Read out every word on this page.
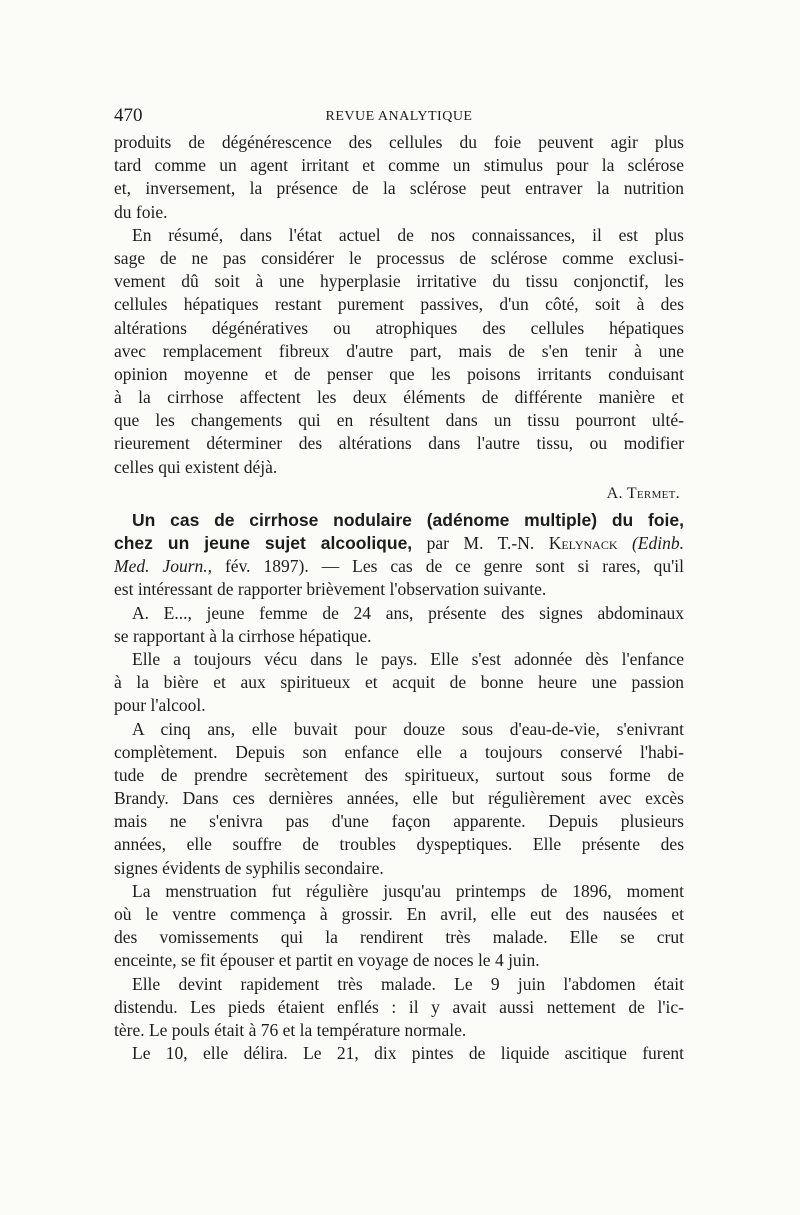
470	REVUE ANALYTIQUE
produits de dégénérescence des cellules du foie peuvent agir plus
tard comme un agent irritant et comme un stimulus pour la sclérose
et, inversement, la présence de la sclérose peut entraver la nutrition
du foie.
En résumé, dans l'état actuel de nos connaissances, il est plus
sage de ne pas considérer le processus de sclérose comme exclusi-
vement dû soit à une hyperplasie irritative du tissu conjonctif, les
cellules hépatiques restant purement passives, d'un côté, soit à des
altérations dégénératives ou atrophiques des cellules hépatiques
avec remplacement fibreux d'autre part, mais de s'en tenir à une
opinion moyenne et de penser que les poisons irritants conduisant
à la cirrhose affectent les deux éléments de différente manière et
que les changements qui en résultent dans un tissu pourront ulté-
rieurement déterminer des altérations dans l'autre tissu, ou modifier
celles qui existent déjà.
A. Termet.
Un cas de cirrhose nodulaire (adénome multiple) du foie,
chez un jeune sujet alcoolique, par M. T.-N. Kelynack (Edinb.
Med. Journ., fév. 1897). — Les cas de ce genre sont si rares, qu'il
est intéressant de rapporter brièvement l'observation suivante.
A. E..., jeune femme de 24 ans, présente des signes abdominaux
se rapportant à la cirrhose hépatique.
Elle a toujours vécu dans le pays. Elle s'est adonnée dès l'enfance
à la bière et aux spiritueux et acquit de bonne heure une passion
pour l'alcool.
A cinq ans, elle buvait pour douze sous d'eau-de-vie, s'enivrant
complètement. Depuis son enfance elle a toujours conservé l'habi-
tude de prendre secrètement des spiritueux, surtout sous forme de
Brandy. Dans ces dernières années, elle but régulièrement avec excès
mais ne s'enivra pas d'une façon apparente. Depuis plusieurs
années, elle souffre de troubles dyspeptiques. Elle présente des
signes évidents de syphilis secondaire.
La menstruation fut régulière jusqu'au printemps de 1896, moment
où le ventre commença à grossir. En avril, elle eut des nausées et
des vomissements qui la rendirent très malade. Elle se crut
enceinte, se fit épouser et partit en voyage de noces le 4 juin.
Elle devint rapidement très malade. Le 9 juin l'abdomen était
distendu. Les pieds étaient enflés : il y avait aussi nettement de l'ic-
tère. Le pouls était à 76 et la température normale.
Le 10, elle délira. Le 21, dix pintes de liquide ascitique furent
